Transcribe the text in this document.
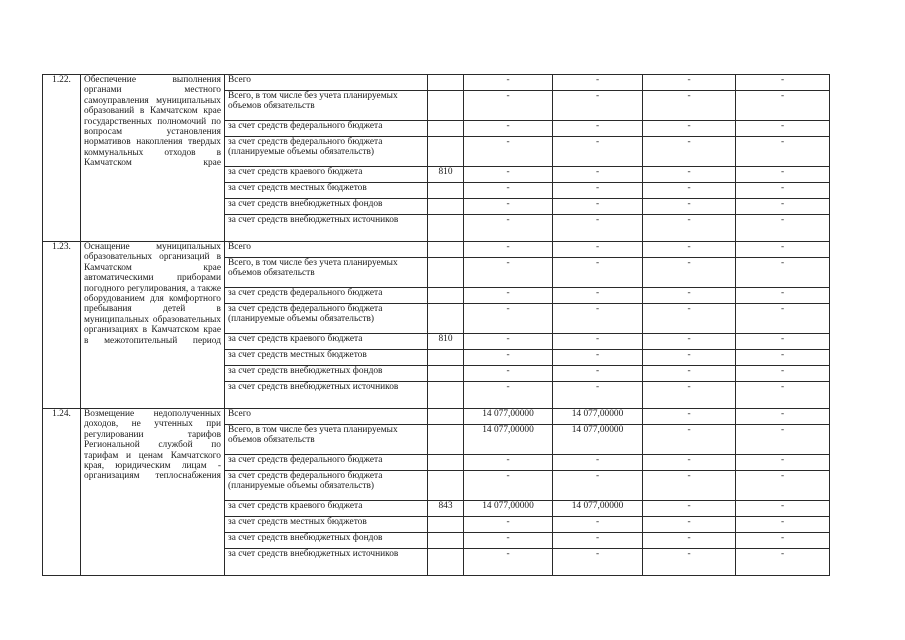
1.22.	Обеспечение выполнения органами местного самоуправления муниципальных образований в Камчатском крае государственных полномочий по вопросам установления нормативов накопления твердых коммунальных отходов в Камчатском крае	Всего		-	-	-	-
		Всего, в том числе без учета планируемых объемов обязательств		-	-	-	-
		за счет средств федерального бюджета		-	-	-	-
		за счет средств федерального бюджета (планируемые объемы обязательств)		-	-	-	-
		за счет средств краевого бюджета	810	-	-	-	-
		за счет средств местных бюджетов		-	-	-	-
		за счет средств внебюджетных фондов		-	-	-	-
		за счет средств внебюджетных источников		-	-	-	-
1.23.	Оснащение муниципальных образовательных организаций в Камчатском крае автоматическими приборами погодного регулирования, а также оборудованием для комфортного пребывания детей в муниципальных образовательных организациях в Камчатском крае в межотопительный период	Всего		-	-	-	-
		Всего, в том числе без учета планируемых объемов обязательств		-	-	-	-
		за счет средств федерального бюджета		-	-	-	-
		за счет средств федерального бюджета (планируемые объемы обязательств)		-	-	-	-
		за счет средств краевого бюджета	810	-	-	-	-
		за счет средств местных бюджетов		-	-	-	-
		за счет средств внебюджетных фондов		-	-	-	-
		за счет средств внебюджетных источников		-	-	-	-
1.24.	Возмещение недополученных доходов, не учтенных при регулировании тарифов Региональной службой по тарифам и ценам Камчатского края, юридическим лицам - организациям теплоснабжения	Всего		14 077,00000	14 077,00000	-	-
		Всего, в том числе без учета планируемых объемов обязательств		14 077,00000	14 077,00000	-	-
		за счет средств федерального бюджета		-	-	-	-
		за счет средств федерального бюджета (планируемые объемы обязательств)		-	-	-	-
		за счет средств краевого бюджета	843	14 077,00000	14 077,00000	-	-
		за счет средств местных бюджетов		-	-	-	-
		за счет средств внебюджетных фондов		-	-	-	-
		за счет средств внебюджетных источников		-	-	-	-
